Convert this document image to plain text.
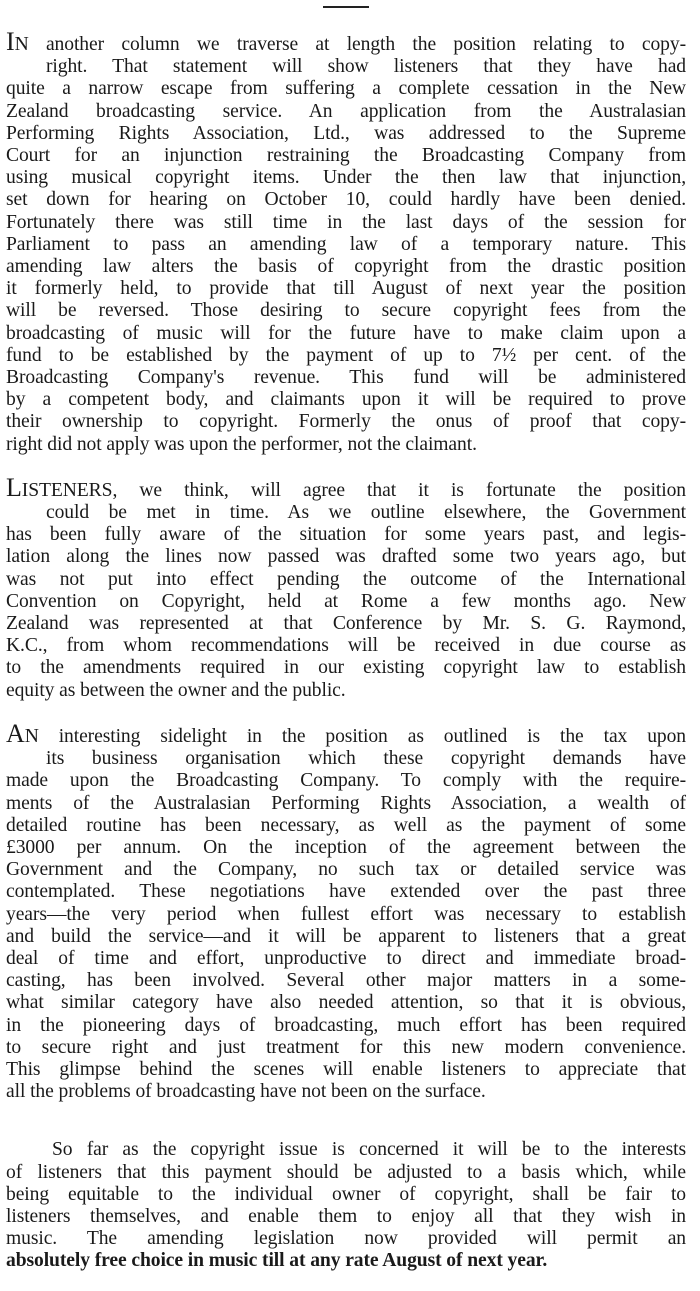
IN another column we traverse at length the position relating to copy-
right. That statement will show listeners that they have had
quite a narrow escape from suffering a complete cessation in the New
Zealand broadcasting service. An application from the Australasian
Performing Rights Association, Ltd., was addressed to the Supreme
Court for an injunction restraining the Broadcasting Company from
using musical copyright items. Under the then law that injunction,
set down for hearing on October 10, could hardly have been denied.
Fortunately there was still time in the last days of the session for
Parliament to pass an amending law of a temporary nature. This
amending law alters the basis of copyright from the drastic position
it formerly held, to provide that till August of next year the position
will be reversed. Those desiring to secure copyright fees from the
broadcasting of music will for the future have to make claim upon a
fund to be established by the payment of up to 7½ per cent. of the
Broadcasting Company's revenue. This fund will be administered
by a competent body, and claimants upon it will be required to prove
their ownership to copyright. Formerly the onus of proof that copy-
right did not apply was upon the performer, not the claimant.

LISTENERS, we think, will agree that it is fortunate the position
could be met in time. As we outline elsewhere, the Government
has been fully aware of the situation for some years past, and legis-
lation along the lines now passed was drafted some two years ago, but
was not put into effect pending the outcome of the International
Convention on Copyright, held at Rome a few months ago. New
Zealand was represented at that Conference by Mr. S. G. Raymond,
K.C., from whom recommendations will be received in due course as
to the amendments required in our existing copyright law to establish
equity as between the owner and the public.

AN interesting sidelight in the position as outlined is the tax upon
its business organisation which these copyright demands have
made upon the Broadcasting Company. To comply with the require-
ments of the Australasian Performing Rights Association, a wealth of
detailed routine has been necessary, as well as the payment of some
£3000 per annum. On the inception of the agreement between the
Government and the Company, no such tax or detailed service was
contemplated. These negotiations have extended over the past three
years—the very period when fullest effort was necessary to establish
and build the service—and it will be apparent to listeners that a great
deal of time and effort, unproductive to direct and immediate broad-
casting, has been involved. Several other major matters in a some-
what similar category have also needed attention, so that it is obvious,
in the pioneering days of broadcasting, much effort has been required
to secure right and just treatment for this new modern convenience.
This glimpse behind the scenes will enable listeners to appreciate that
all the problems of broadcasting have not been on the surface.

So far as the copyright issue is concerned it will be to the interests
of listeners that this payment should be adjusted to a basis which, while
being equitable to the individual owner of copyright, shall be fair to
listeners themselves, and enable them to enjoy all that they wish in
music. The amending legislation now provided will permit an
absolutely free choice in music till at any rate August of next year.
